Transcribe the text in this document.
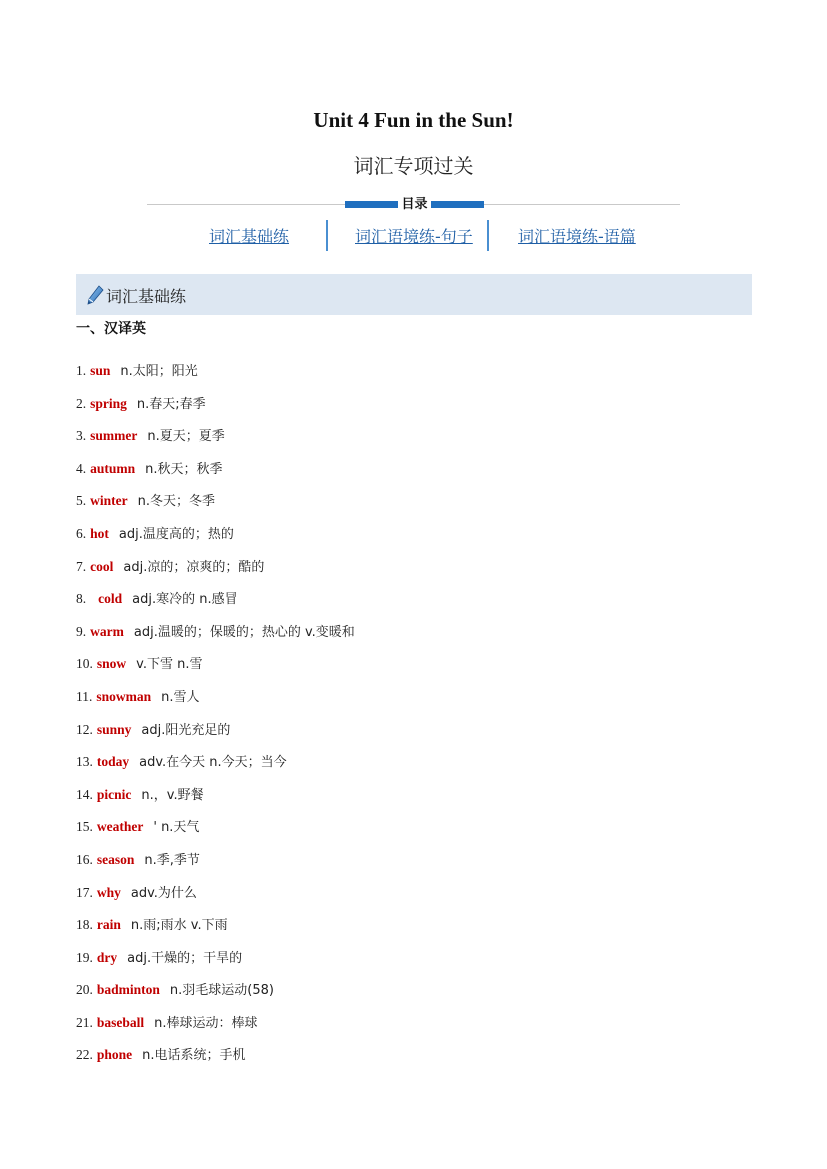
Unit 4 Fun in the Sun!
词汇专项过关
目录
词汇基础练	词汇语境练-句子	词汇语境练-语篇
词汇基础练
一、汉译英
1. sun n.太阳；阳光
2. spring n.春天;春季
3. summer n.夏天；夏季
4. autumn n.秋天；秋季
5. winter n.冬天；冬季
6. hot adj.温度高的；热的
7. cool adj.凉的；凉爽的；酷的
8. cold adj.寒冷的 n.感冒
9. warm adj.温暖的；保暖的；热心的 v.变暖和
10. snow v.下雪 n.雪
11. snowman n.雪人
12. sunny adj.阳光充足的
13. today adv.在今天 n.今天；当今
14. picnic n.，v.野餐
15. weather ' n.天气
16. season n.季,季节
17. why adv.为什么
18. rain n.雨;雨水 v.下雨
19. dry adj.干燥的；干旱的
20. badminton n.羽毛球运动(58)
21. baseball n.棒球运动：棒球
22. phone n.电话系统；手机
